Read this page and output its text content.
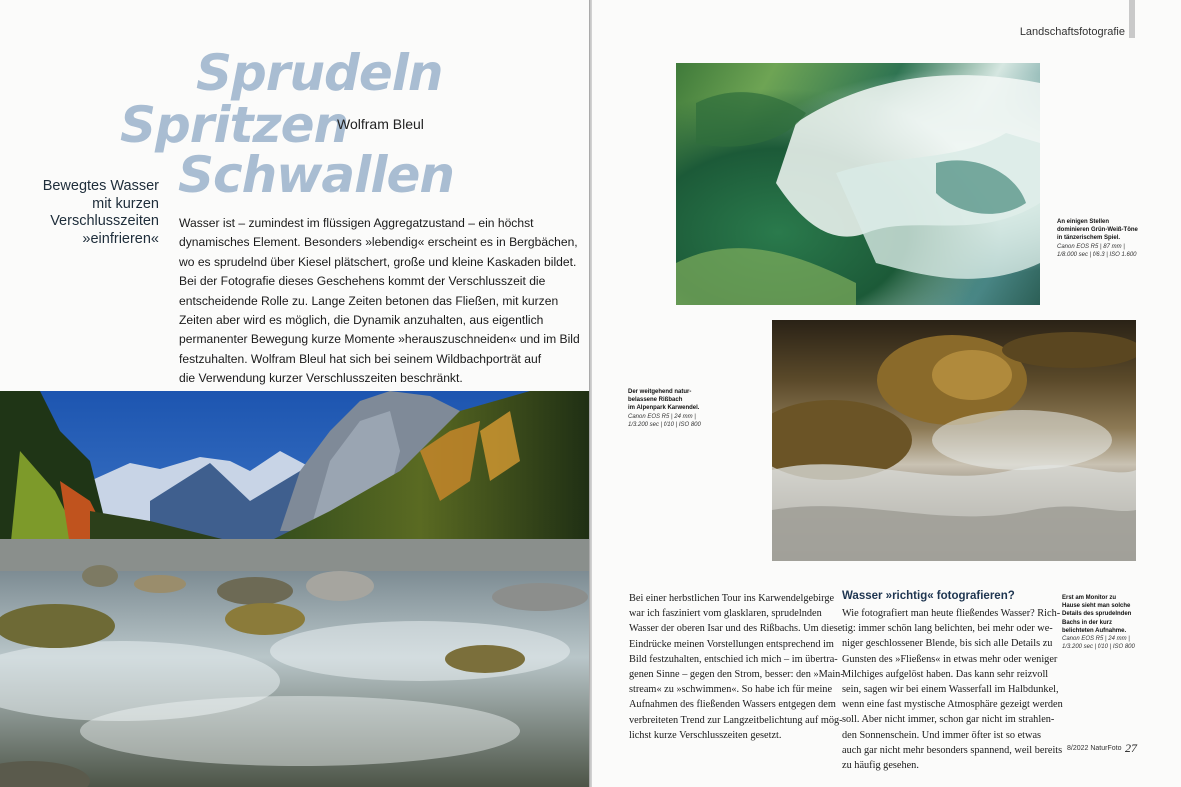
Sprudeln
Spritzen
Schwallen
Wolfram Bleul
Bewegtes Wasser
mit kurzen
Verschlusszeiten
»einfrieren«
Wasser ist – zumindest im flüssigen Aggregatzustand – ein höchst
dynamisches Element. Besonders »lebendig« erscheint es in Bergbächen,
wo es sprudelnd über Kiesel plätschert, große und kleine Kaskaden bildet.
Bei der Fotografie dieses Geschehens kommt der Verschlusszeit die
entscheidende Rolle zu. Lange Zeiten betonen das Fließen, mit kurzen
Zeiten aber wird es möglich, die Dynamik anzuhalten, aus eigentlich
permanenter Bewegung kurze Momente »herauszuschneiden« und im Bild
festzuhalten. Wolfram Bleul hat sich bei seinem Wildbachporträt auf
die Verwendung kurzer Verschlusszeiten beschränkt.
Landschaftsfotografie
An einigen Stellen
dominieren Grün-Weiß-Töne
in tänzerischem Spiel.
Canon EOS R5 | 87 mm |
1/8.000 sec | f/6.3 | ISO 1.600
Der weitgehend natur-
belassene Rißbach
im Alpenpark Karwendel.
Canon EOS R5 | 24 mm |
1/3.200 sec | f/10 | ISO 800
Bei einer herbstlichen Tour ins Karwendelgebirge
war ich fasziniert vom glasklaren, sprudelnden
Wasser der oberen Isar und des Rißbachs. Um diese
Eindrücke meinen Vorstellungen entsprechend im
Bild festzuhalten, entschied ich mich – im übertra-
genen Sinne – gegen den Strom, besser: den »Main-
stream« zu »schwimmen«. So habe ich für meine
Aufnahmen des fließenden Wassers entgegen dem
verbreiteten Trend zur Langzeitbelichtung auf mög-
lichst kurze Verschlusszeiten gesetzt.
Wasser »richtig« fotografieren?
Wie fotografiert man heute fließendes Wasser? Rich-
tig: immer schön lang belichten, bei mehr oder we-
niger geschlossener Blende, bis sich alle Details zu
Gunsten des »Fließens« in etwas mehr oder weniger
Milchiges aufgelöst haben. Das kann sehr reizvoll
sein, sagen wir bei einem Wasserfall im Halbdunkel,
wenn eine fast mystische Atmosphäre gezeigt werden
soll. Aber nicht immer, schon gar nicht im strahlen-
den Sonnenschein. Und immer öfter ist so etwas
auch gar nicht mehr besonders spannend, weil bereits
zu häufig gesehen.
Erst am Monitor zu
Hause sieht man solche
Details des sprudelnden
Bachs in der kurz
belichteten Aufnahme.
Canon EOS R5 | 24 mm |
1/3.200 sec | f/10 | ISO 800
8/2022 NaturFoto 27
